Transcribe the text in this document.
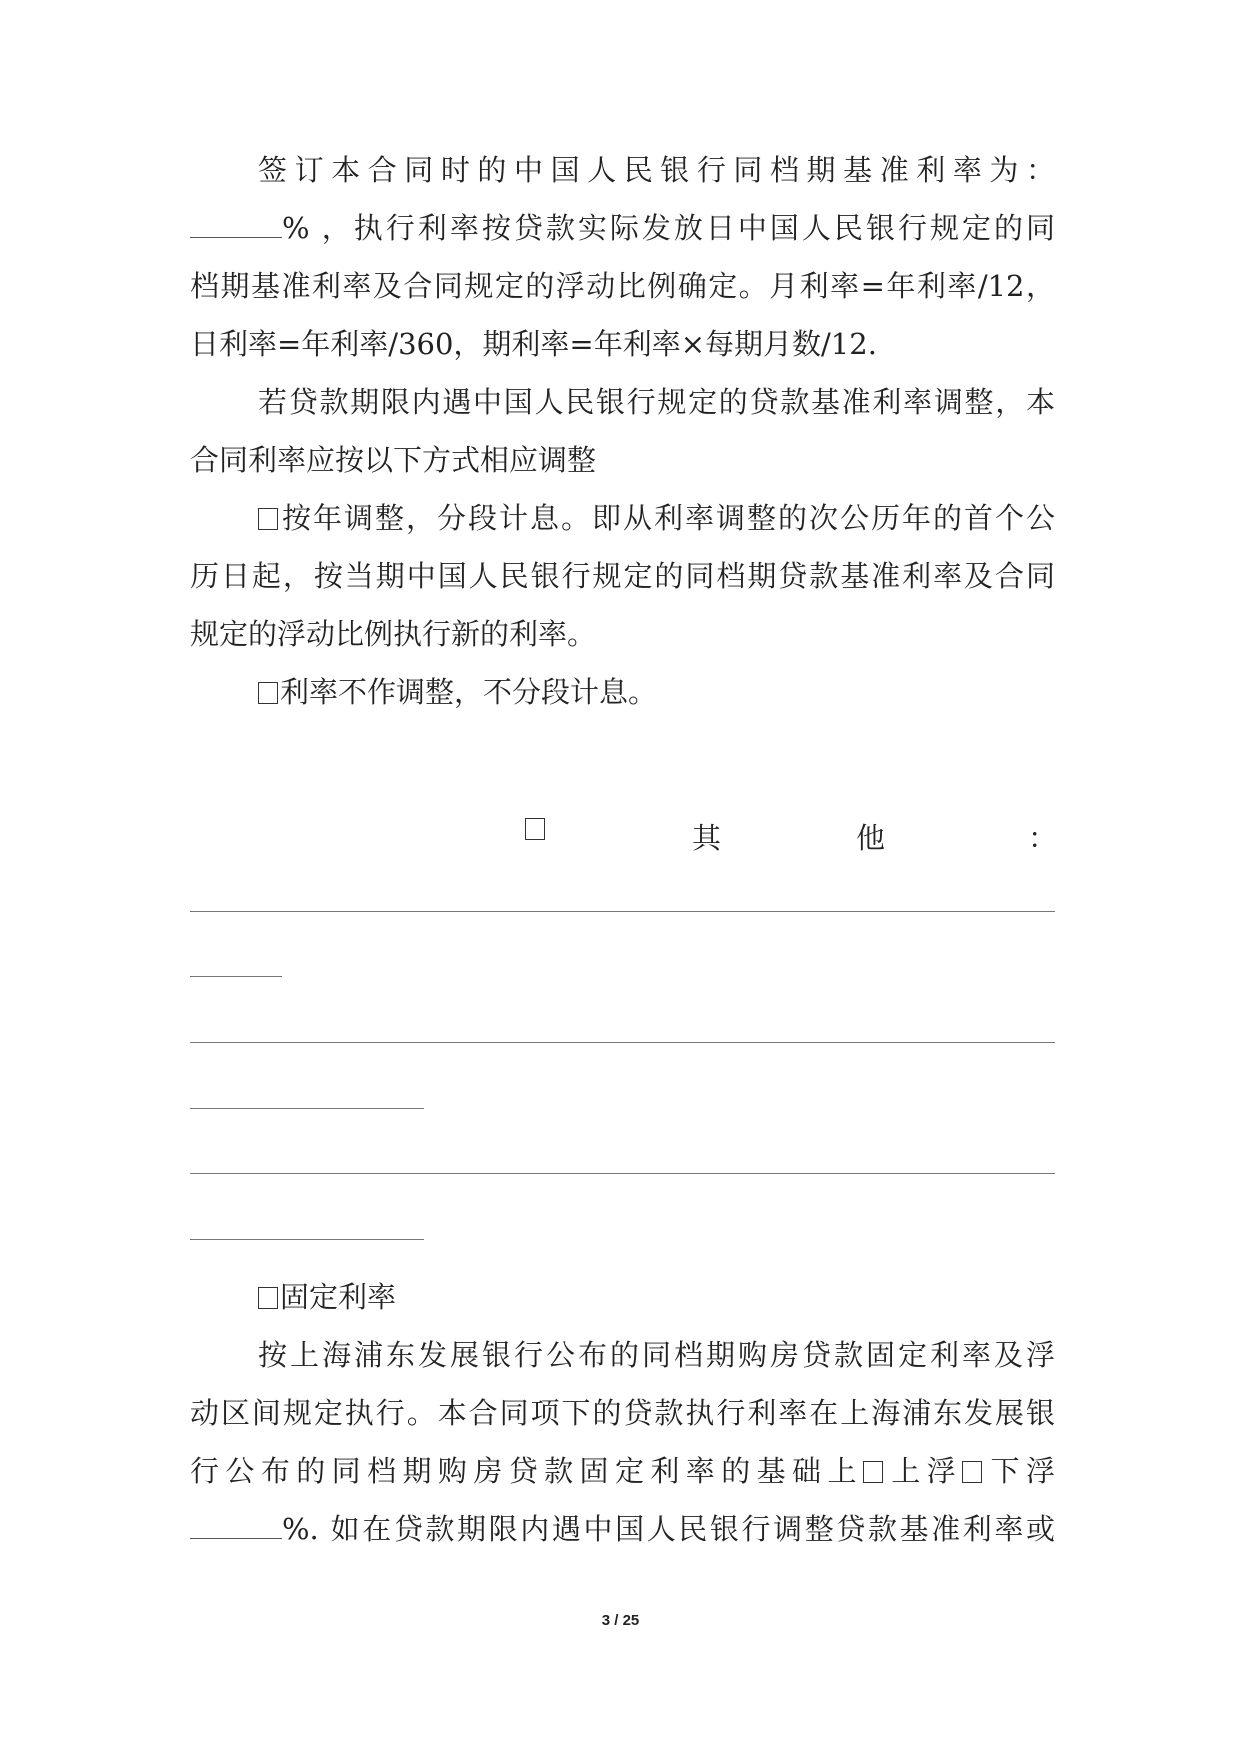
签订本合同时的中国人民银行同档期基准利率为：
% ，执行利率按贷款实际发放日中国人民银行规定的同
档期基准利率及合同规定的浮动比例确定。月利率=年利率/12，
日利率=年利率/360，期利率=年利率×每期月数/12.
若贷款期限内遇中国人民银行规定的贷款基准利率调整，本
合同利率应按以下方式相应调整
按年调整，分段计息。即从利率调整的次公历年的首个公
历日起，按当期中国人民银行规定的同档期贷款基准利率及合同
规定的浮动比例执行新的利率。
利率不作调整，不分段计息。
其	他	：
固定利率
按上海浦东发展银行公布的同档期购房贷款固定利率及浮
动区间规定执行。本合同项下的贷款执行利率在上海浦东发展银
行公布的同档期购房贷款固定利率的基础上 上浮 下浮
%. 如在贷款期限内遇中国人民银行调整贷款基准利率或
3 / 25
